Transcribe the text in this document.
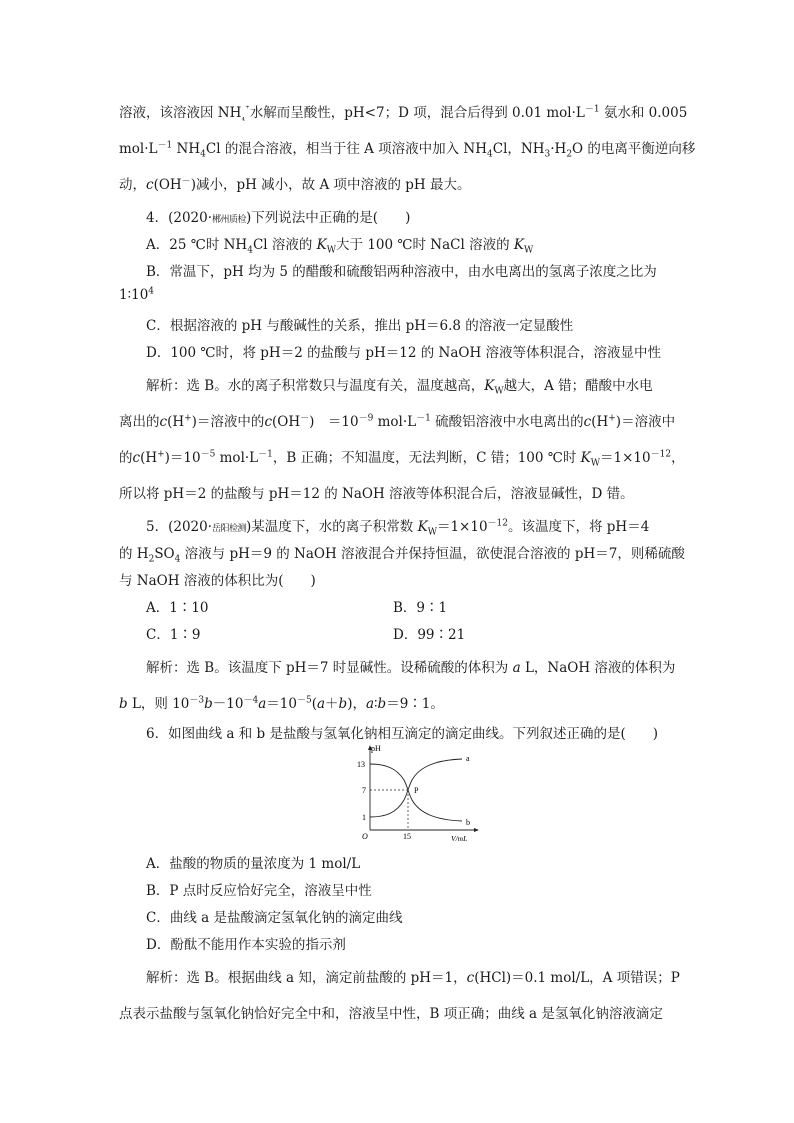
溶液，该溶液因 $NH_{_4}^{^+}$水解而呈酸性，pH<7；D 项，混合后得到 0.01 $mol\cdot L^{-1}$ 氨水和 0.005
$mol\cdot L^{-1}$ $NH_4Cl$ 的混合溶液，相当于往 A 项溶液中加入 $NH_4Cl$，$NH_3\cdot H_2O$ 的电离平衡逆向移
动，c(OH－)减小，pH 减小，故 A 项中溶液的 pH 最大。
4．(2020·郴州质检)下列说法中正确的是(　　)
A．25 ℃时 $NH_4Cl$ 溶液的 $K_W$大于 100 ℃时 NaCl 溶液的 $K_W$
B．常温下，pH 均为 5 的醋酸和硫酸铝两种溶液中，由水电离出的氢离子浓度之比为
$1∶10^4$
C．根据溶液的 pH 与酸碱性的关系，推出 pH＝6.8 的溶液一定显酸性
D．100 ℃时，将 pH＝2 的盐酸与 pH＝12 的 NaOH 溶液等体积混合，溶液显中性
解析：选 B。水的离子积常数只与温度有关，温度越高，$K_W$越大，A 错；醋酸中水电
离出的c(H+)＝溶液中的c(OH－)　$=10^{-9}$ $mol\cdot L^{-1}$ 硫酸铝溶液中水电离出的c(H+)＝溶液中
的$c(H^+)=10^{-5}$ $mol\cdot L^{-1}$，B 正确；不知温度，无法判断，C 错；100 ℃时 $K_W=1\times 10^{-12}$，
所以将 pH＝2 的盐酸与 pH＝12 的 NaOH 溶液等体积混合后，溶液显碱性，D 错。
5．(2020·岳阳检测)某温度下，水的离子积常数 $K_W=1\times 10^{-12}$。该温度下，将 pH＝4
的 $H_2SO_4$ 溶液与 pH＝9 的 NaOH 溶液混合并保持恒温，欲使混合溶液的 pH＝7，则稀硫酸
与 NaOH 溶液的体积比为(　　)
A．1∶10	B．9∶1
C．1∶9	D．99∶21
解析：选 B。该温度下 pH＝7 时显碱性。设稀硫酸的体积为 a L，NaOH 溶液的体积为
b L，则 $10^{-3}b-10^{-4}a=10^{-5}(a+b)$，a∶b＝9∶1。
6．如图曲线 a 和 b 是盐酸与氢氧化钠相互滴定的滴定曲线。下列叙述正确的是(　　)
pH
13
7
1
O	15	V/mL
P
a
b
A．盐酸的物质的量浓度为 1 mol/L
B．P 点时反应恰好完全，溶液呈中性
C．曲线 a 是盐酸滴定氢氧化钠的滴定曲线
D．酚酞不能用作本实验的指示剂
解析：选 B。根据曲线 a 知，滴定前盐酸的 pH＝1，c(HCl)＝0.1 mol/L，A 项错误；P
点表示盐酸与氢氧化钠恰好完全中和，溶液呈中性，B 项正确；曲线 a 是氢氧化钠溶液滴定
